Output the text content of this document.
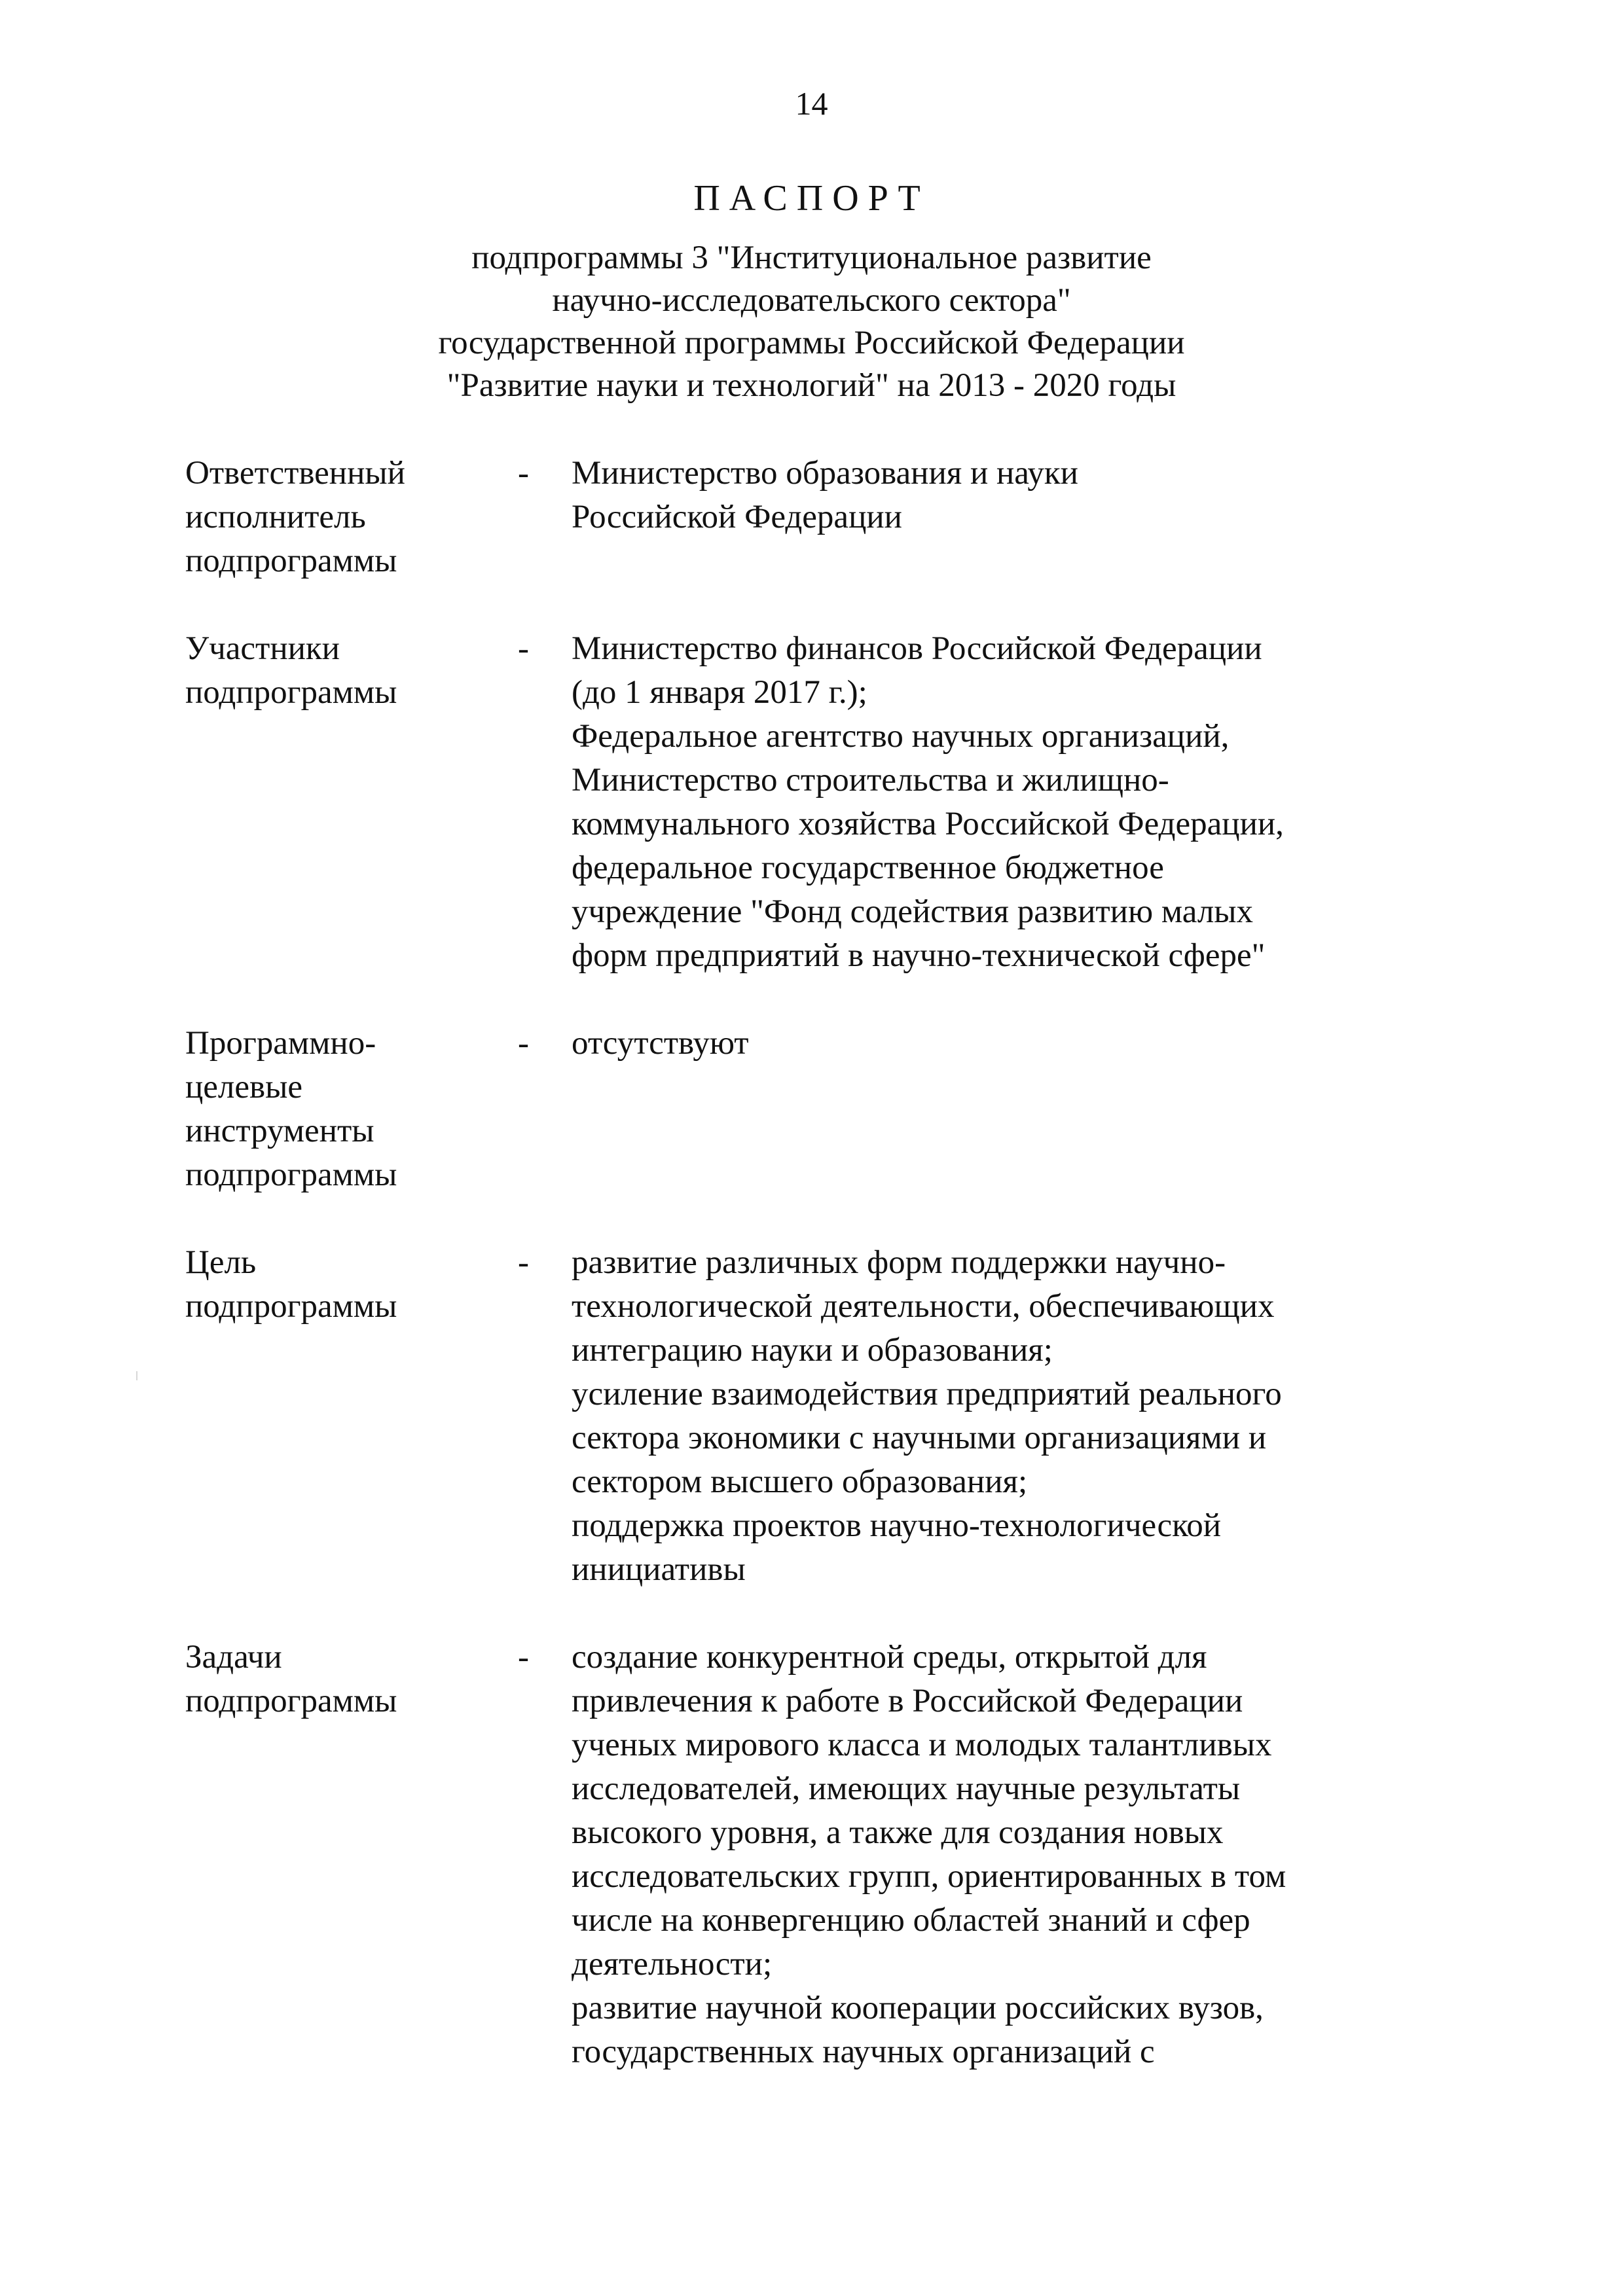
14
ПАСПОРТ
подпрограммы 3 "Институциональное развитие
научно-исследовательского сектора"
государственной программы Российской Федерации
"Развитие науки и технологий" на 2013 - 2020 годы
Ответственный
исполнитель
подпрограммы
-	Министерство образования и науки
Российской Федерации
Участники
подпрограммы
-	Министерство финансов Российской Федерации
(до 1 января 2017 г.);
Федеральное агентство научных организаций,
Министерство строительства и жилищно-
коммунального хозяйства Российской Федерации,
федеральное государственное бюджетное
учреждение "Фонд содействия развитию малых
форм предприятий в научно-технической сфере"
Программно-
целевые
инструменты
подпрограммы
-	отсутствуют
Цель
подпрограммы
-	развитие различных форм поддержки научно-
технологической деятельности, обеспечивающих
интеграцию науки и образования;
усиление взаимодействия предприятий реального
сектора экономики с научными организациями и
сектором высшего образования;
поддержка проектов научно-технологической
инициативы
Задачи
подпрограммы
-	создание конкурентной среды, открытой для
привлечения к работе в Российской Федерации
ученых мирового класса и молодых талантливых
исследователей, имеющих научные результаты
высокого уровня, а также для создания новых
исследовательских групп, ориентированных в том
числе на конвергенцию областей знаний и сфер
деятельности;
развитие научной кооперации российских вузов,
государственных научных организаций с
